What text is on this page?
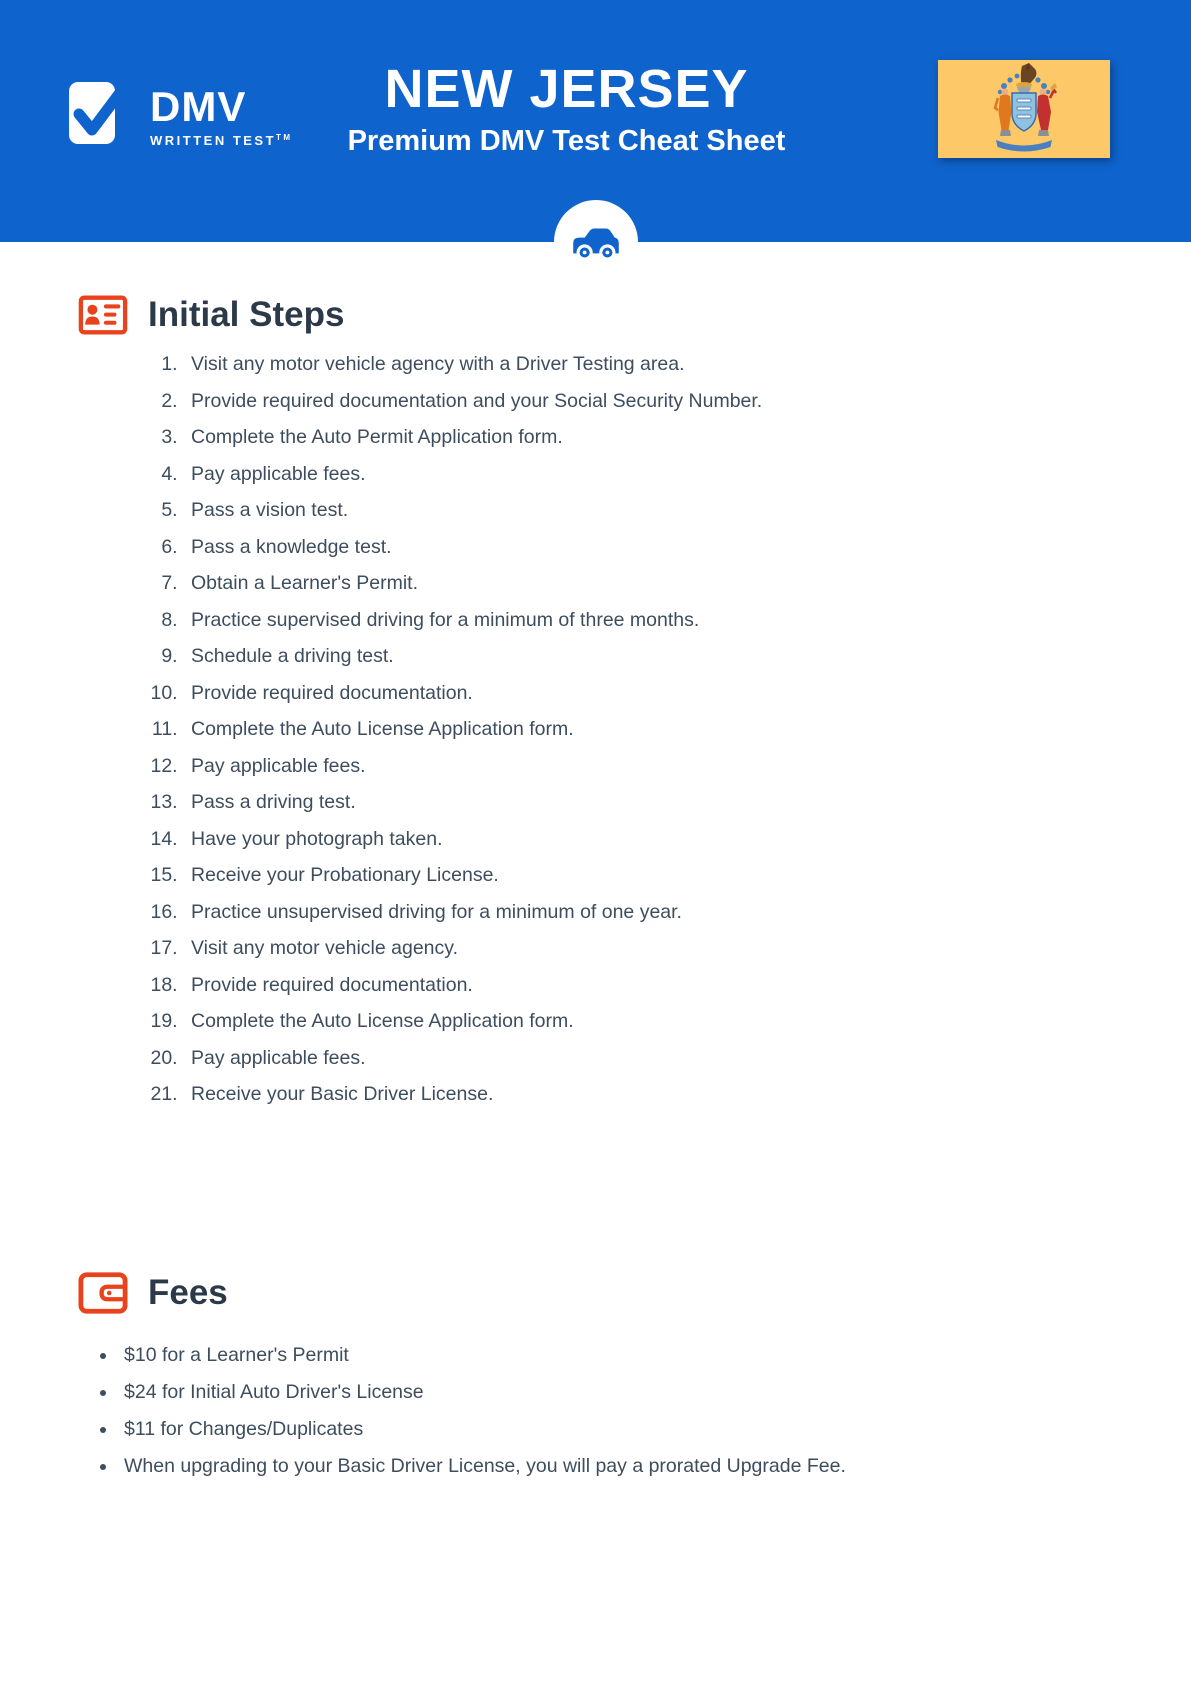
DMV
WRITTEN TEST™
NEW JERSEY
Premium DMV Test Cheat Sheet
Initial Steps
1. Visit any motor vehicle agency with a Driver Testing area.
2. Provide required documentation and your Social Security Number.
3. Complete the Auto Permit Application form.
4. Pay applicable fees.
5. Pass a vision test.
6. Pass a knowledge test.
7. Obtain a Learner's Permit.
8. Practice supervised driving for a minimum of three months.
9. Schedule a driving test.
10. Provide required documentation.
11. Complete the Auto License Application form.
12. Pay applicable fees.
13. Pass a driving test.
14. Have your photograph taken.
15. Receive your Probationary License.
16. Practice unsupervised driving for a minimum of one year.
17. Visit any motor vehicle agency.
18. Provide required documentation.
19. Complete the Auto License Application form.
20. Pay applicable fees.
21. Receive your Basic Driver License.
Fees
• $10 for a Learner's Permit
• $24 for Initial Auto Driver's License
• $11 for Changes/Duplicates
• When upgrading to your Basic Driver License, you will pay a prorated Upgrade Fee.
